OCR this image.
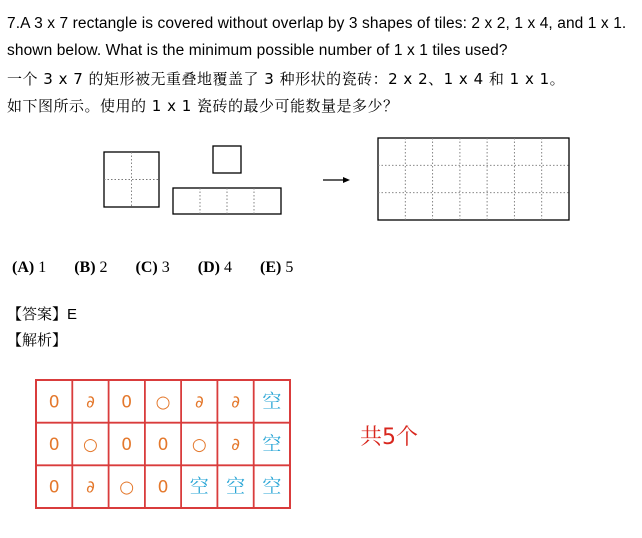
7.A 3 x 7 rectangle is covered without overlap by 3 shapes of tiles: 2 x 2, 1 x 4, and 1 x 1.
shown below. What is the minimum possible number of 1 x 1 tiles used?
一个 3 x 7 的矩形被无重叠地覆盖了 3 种形状的瓷砖：2 x 2、1 x 4 和 1 x 1。
如下图所示。使用的 1 x 1 瓷砖的最少可能数量是多少？
0 ∂ 0 ○ ∂ ∂ 空
0 ○ 0 0 ○ ∂ 空
0 ∂ ○ 0 空 空 空
共5个
(A) 1 (B) 2 (C) 3 (D) 4 (E) 5
【答案】E
【解析】
